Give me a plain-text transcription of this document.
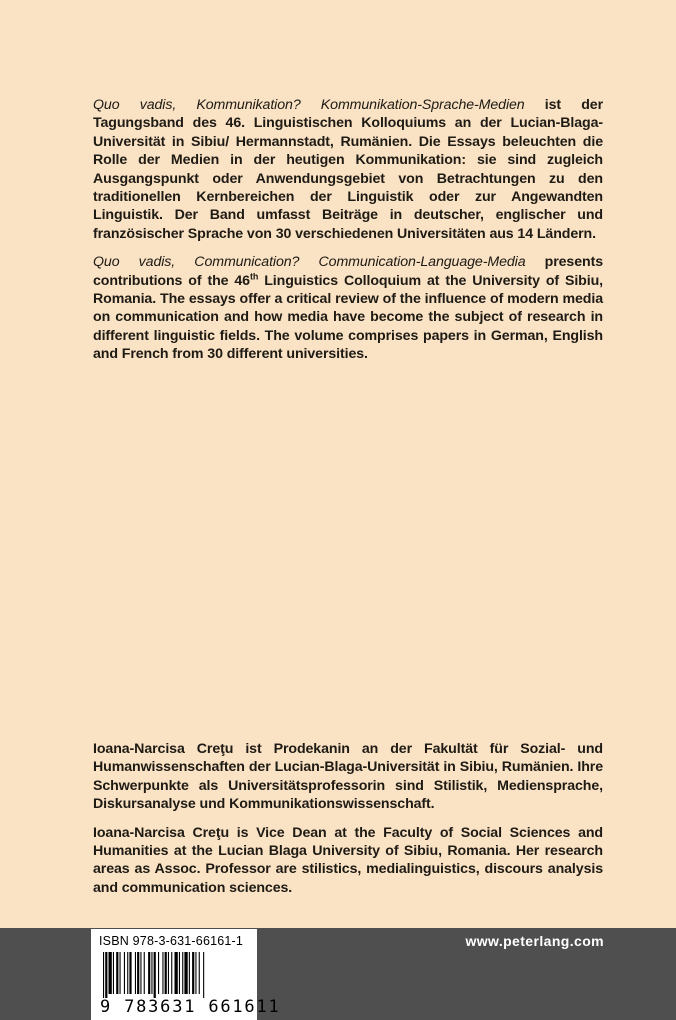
Quo vadis, Kommunikation? Kommunikation-Sprache-Medien ist der Tagungsband des 46. Linguistischen Kolloquiums an der Lucian-Blaga-Universität in Sibiu/ Hermannstadt, Rumänien. Die Essays beleuchten die Rolle der Medien in der heutigen Kommunikation: sie sind zugleich Ausgangspunkt oder Anwendungsgebiet von Betrachtungen zu den traditionellen Kernbereichen der Linguistik oder zur Angewandten Linguistik. Der Band umfasst Beiträge in deutscher, englischer und französischer Sprache von 30 verschiedenen Universitäten aus 14 Ländern.

Quo vadis, Communication? Communication-Language-Media presents contributions of the 46th Linguistics Colloquium at the University of Sibiu, Romania. The essays offer a critical review of the influence of modern media on communication and how media have become the subject of research in different linguistic fields. The volume comprises papers in German, English and French from 30 different universities.

Ioana-Narcisa Creţu ist Prodekanin an der Fakultät für Sozial- und Humanwissenschaften der Lucian-Blaga-Universität in Sibiu, Rumänien. Ihre Schwerpunkte als Universitätsprofessorin sind Stilistik, Mediensprache, Diskursanalyse und Kommunikationswissenschaft.

Ioana-Narcisa Creţu is Vice Dean at the Faculty of Social Sciences and Humanities at the Lucian Blaga University of Sibiu, Romania. Her research areas as Assoc. Professor are stilistics, medialinguistics, discours analysis and communication sciences.

www.peterlang.com
ISBN 978-3-631-66161-1
9 783631 661611
